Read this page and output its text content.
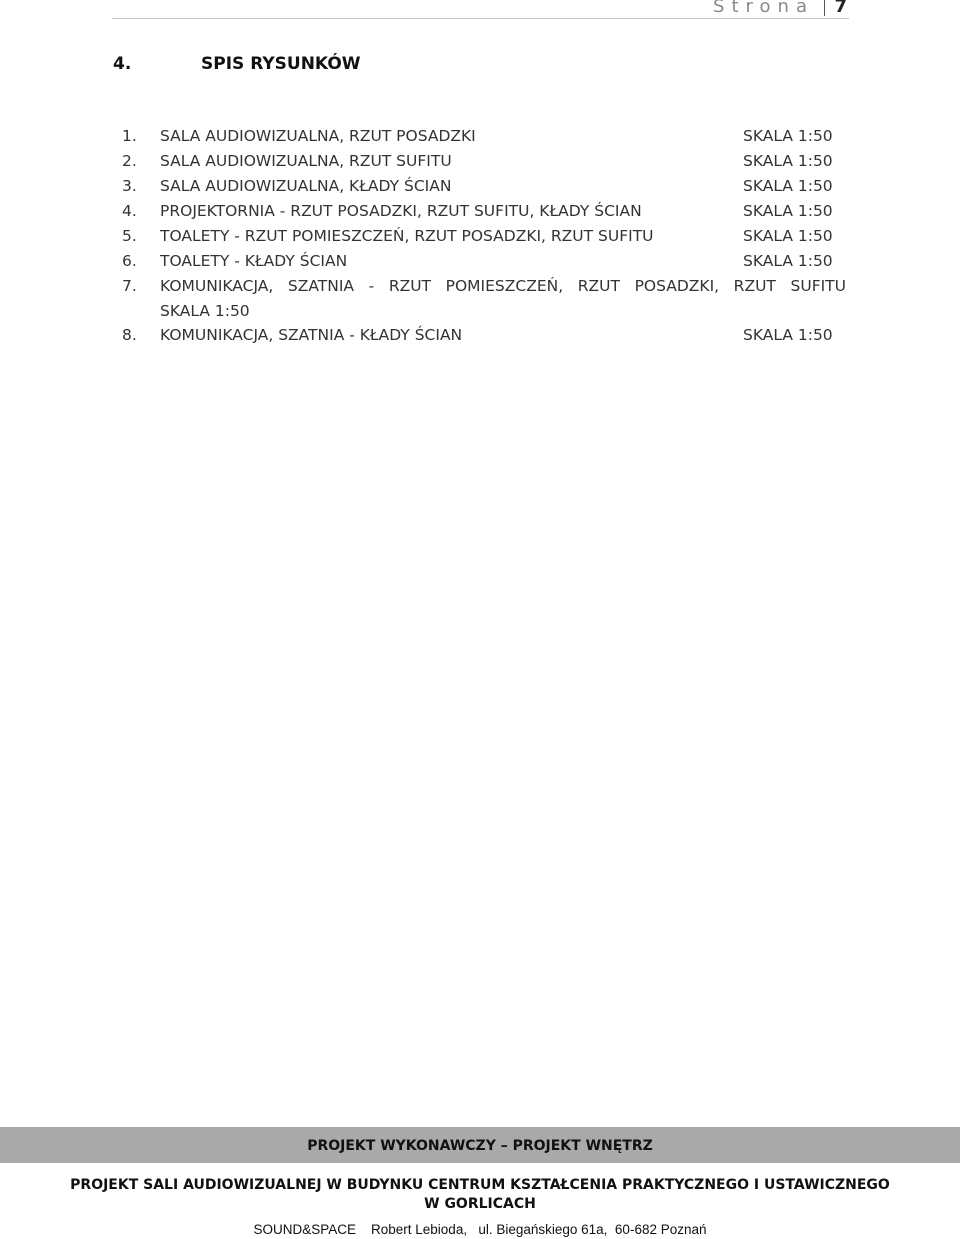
Strona 7
4.	SPIS RYSUNKÓW
1. SALA AUDIOWIZUALNA, RZUT POSADZKI	SKALA 1:50
2. SALA AUDIOWIZUALNA, RZUT SUFITU	SKALA 1:50
3. SALA AUDIOWIZUALNA, KŁADY ŚCIAN	SKALA 1:50
4. PROJEKTORNIA - RZUT POSADZKI, RZUT SUFITU, KŁADY ŚCIAN	SKALA 1:50
5. TOALETY - RZUT POMIESZCZEŃ, RZUT POSADZKI, RZUT SUFITU	SKALA 1:50
6. TOALETY - KŁADY ŚCIAN	SKALA 1:50
7. KOMUNIKACJA, SZATNIA - RZUT POMIESZCZEŃ, RZUT POSADZKI, RZUT SUFITU
SKALA 1:50
8. KOMUNIKACJA, SZATNIA - KŁADY ŚCIAN	SKALA 1:50
PROJEKT WYKONAWCZY – PROJEKT WNĘTRZ
PROJEKT SALI AUDIOWIZUALNEJ W BUDYNKU CENTRUM KSZTAŁCENIA PRAKTYCZNEGO I USTAWICZNEGO W GORLICACH
SOUND&SPACE    Robert Lebioda,   ul. Biegańskiego 61a,  60-682 Poznań
